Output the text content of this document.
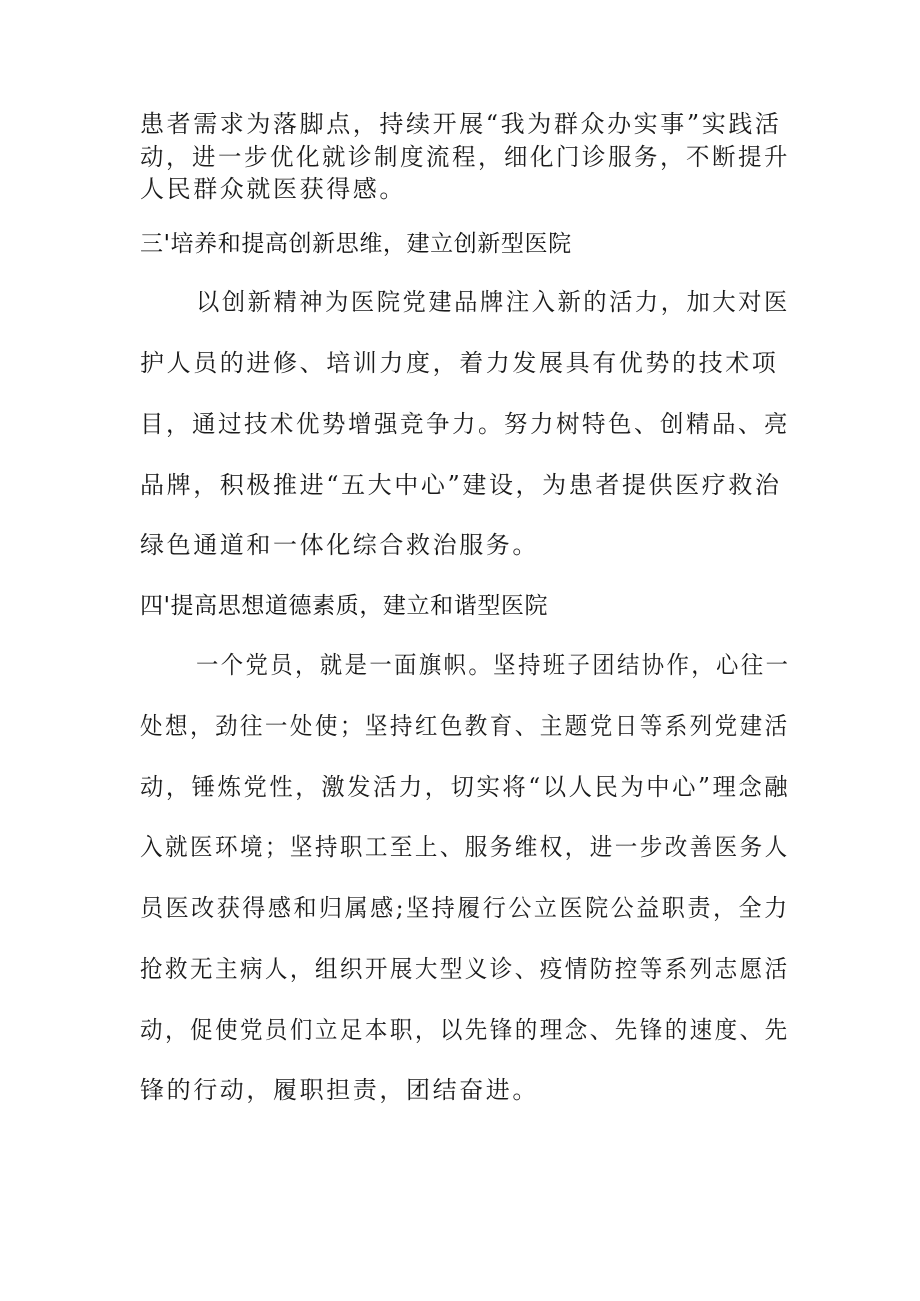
患者需求为落脚点，持续开展“我为群众办实事”实践活
动，进一步优化就诊制度流程，细化门诊服务，不断提升
人民群众就医获得感。
三'培养和提高创新思维，建立创新型医院
以创新精神为医院党建品牌注入新的活力，加大对医
护人员的进修、培训力度，着力发展具有优势的技术项
目，通过技术优势增强竞争力。努力树特色、创精品、亮
品牌，积极推进“五大中心”建设，为患者提供医疗救治
绿色通道和一体化综合救治服务。
四'提高思想道德素质，建立和谐型医院
一个党员，就是一面旗帜。坚持班子团结协作，心往一
处想，劲往一处使；坚持红色教育、主题党日等系列党建活
动，锤炼党性，激发活力，切实将“以人民为中心”理念融
入就医环境；坚持职工至上、服务维权，进一步改善医务人
员医改获得感和归属感;坚持履行公立医院公益职责，全力
抢救无主病人，组织开展大型义诊、疫情防控等系列志愿活
动，促使党员们立足本职，以先锋的理念、先锋的速度、先
锋的行动，履职担责，团结奋进。
